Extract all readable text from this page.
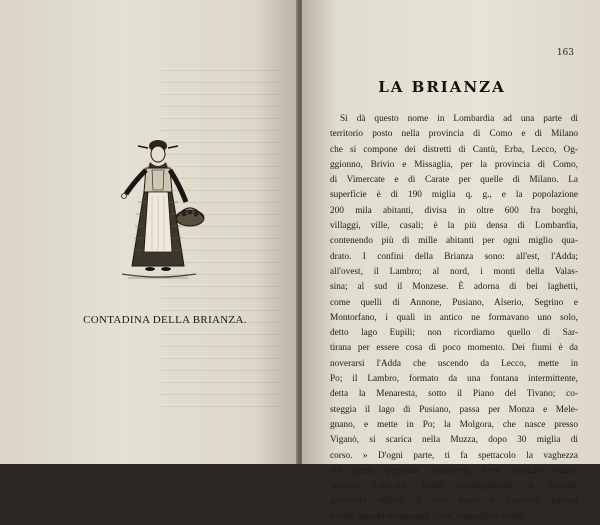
CONTADINA DELLA BRIANZA.
163
LA BRIANZA
Si dà questo nome in Lombardia ad una parte di
territorio posto nella provincia di Como e di Milano
che si compone dei distretti di Cantù, Erba, Lecco, Og-
ggionno, Brivio e Missaglia, per la provincia di Como,
di Vimercate e di Carate per quelle di Milano. La
superficie è di 190 miglia q. g., e la popolazione
200 mila abitanti, divisa in oltre 600 fra borghi,
villaggi, ville, casali; è la più densa di Lombardia,
contenendo più di mille abitanti per ogni miglio qua-
drato. I confini della Brianza sono: all'est, l'Adda;
all'ovest, il Lambro; al nord, i monti della Valas-
sina; al sud il Monzese. È adorna di bei laghetti,
come quelli di Annone, Pusiano, Alserio, Segrino e
Montorfano, i quali in antico ne formavano uno solo,
detto lago Eupili; non ricordiamo quello di Sar-
tirana per essere cosa di poco momento. Dei fiumi è da
noverarsi l'Adda che uscendo da Lecco, mette in
Po; il Lambro, formato da una fontana intermittente,
detta la Menaresta, sotto il Piano del Tivano; co-
steggia il lago di Pusiano, passa per Monza e Mele-
gnano, e mette in Po; la Molgora, che nasce presso
Viganò, si scarica nella Muzza, dopo 30 miglia di
corso. » D'ogni parte, ti fa spettacolo la vaghezza
dei paesi; perpetua primavera, terra feconda studia-
tamente coltivata, lucidi serpeggiamenti di ruscelli,
gratissimi effluvii di fiori nostri e forastieri, palazzi
e ville, superbi monumenti d'arte, magnifiche strade
